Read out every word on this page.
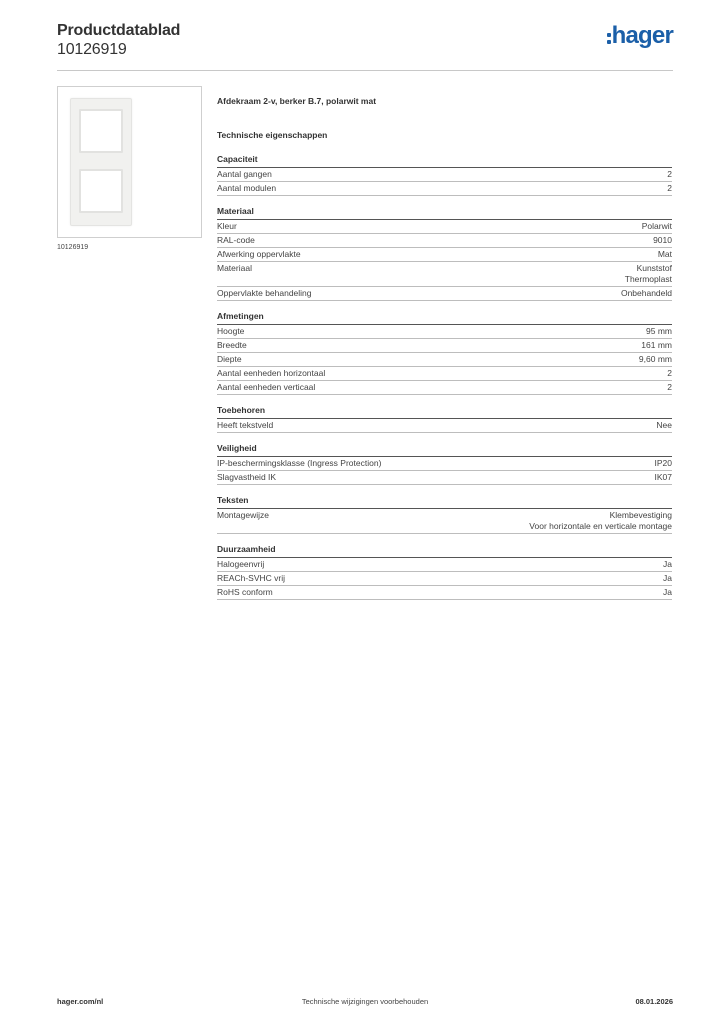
Productdatablad
10126919
hager
10126919
Afdekraam 2-v, berker B.7, polarwit mat
Technische eigenschappen
Capaciteit
Aantal gangen	2
Aantal modulen	2
Materiaal
Kleur	Polarwit
RAL-code	9010
Afwerking oppervlakte	Mat
Materiaal	Kunststof
Thermoplast
Oppervlakte behandeling	Onbehandeld
Afmetingen
Hoogte	95 mm
Breedte	161 mm
Diepte	9,60 mm
Aantal eenheden horizontaal	2
Aantal eenheden verticaal	2
Toebehoren
Heeft tekstveld	Nee
Veiligheid
IP-beschermingsklasse (Ingress Protection)	IP20
Slagvastheid IK	IK07
Teksten
Montagewijze	Klembevestiging
Voor horizontale en verticale montage
Duurzaamheid
Halogeenvrij	Ja
REACh-SVHC vrij	Ja
RoHS conform	Ja
hager.com/nl	Technische wijzigingen voorbehouden	08.01.2026
